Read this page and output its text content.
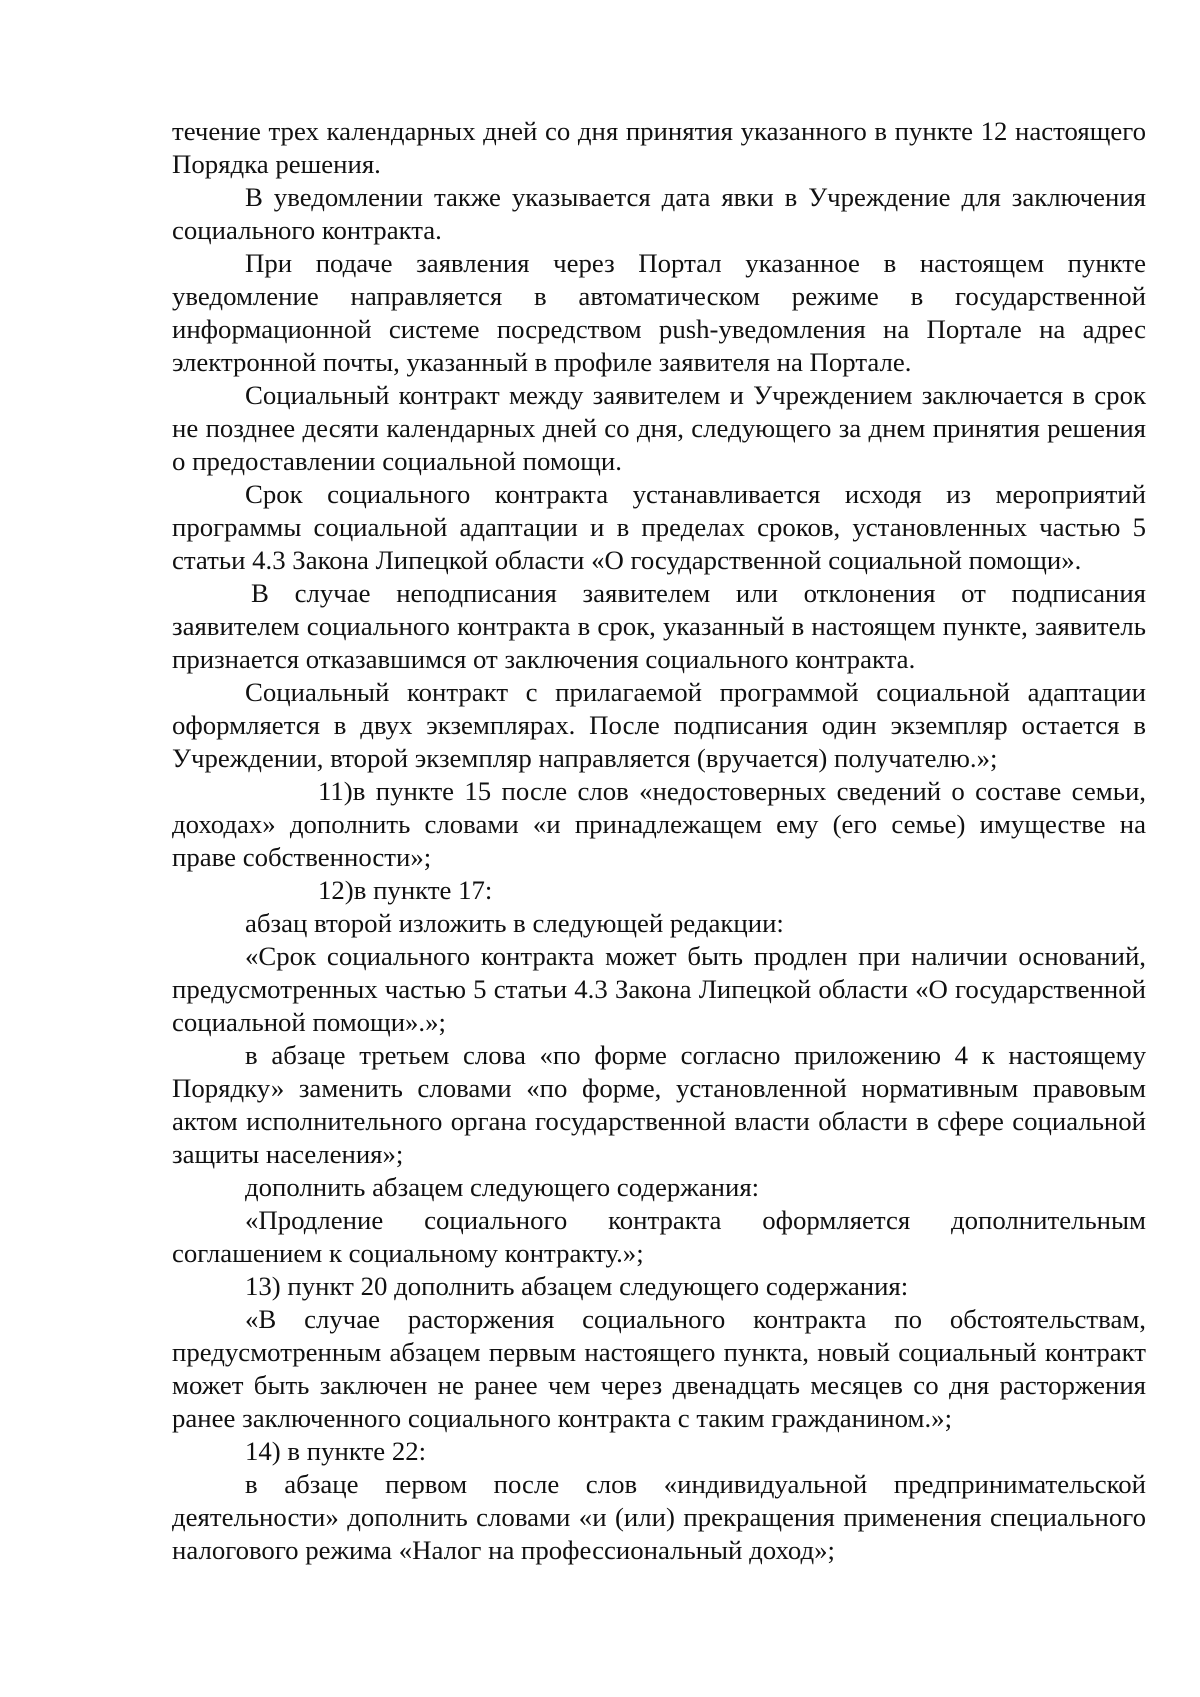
течение трех календарных дней со дня принятия указанного в пункте 12 настоящего Порядка решения.

В уведомлении также указывается дата явки в Учреждение для заключения социального контракта.

При подаче заявления через Портал указанное в настоящем пункте уведомление направляется в автоматическом режиме в государственной информационной системе посредством push-уведомления на Портале на адрес электронной почты, указанный в профиле заявителя на Портале.

Социальный контракт между заявителем и Учреждением заключается в срок не позднее десяти календарных дней со дня, следующего за днем принятия решения о предоставлении социальной помощи.

Срок социального контракта устанавливается исходя из мероприятий программы социальной адаптации и в пределах сроков, установленных частью 5 статьи 4.3 Закона Липецкой области «О государственной социальной помощи».

В случае неподписания заявителем или отклонения от подписания заявителем социального контракта в срок, указанный в настоящем пункте, заявитель признается отказавшимся от заключения социального контракта.

Социальный контракт с прилагаемой программой социальной адаптации оформляется в двух экземплярах. После подписания один экземпляр остается в Учреждении, второй экземпляр направляется (вручается) получателю.»;

11)в пункте 15 после слов «недостоверных сведений о составе семьи, доходах» дополнить словами «и принадлежащем ему (его семье) имуществе на праве собственности»;

12)в пункте 17:

абзац второй изложить в следующей редакции:

«Срок социального контракта может быть продлен при наличии оснований, предусмотренных частью 5 статьи 4.3 Закона Липецкой области «О государственной социальной помощи».»;

в абзаце третьем слова «по форме согласно приложению 4 к настоящему Порядку» заменить словами «по форме, установленной нормативным правовым актом исполнительного органа государственной власти области в сфере социальной защиты населения»;

дополнить абзацем следующего содержания:

«Продление социального контракта оформляется дополнительным соглашением к социальному контракту.»;

13) пункт 20 дополнить абзацем следующего содержания:

«В случае расторжения социального контракта по обстоятельствам, предусмотренным абзацем первым настоящего пункта, новый социальный контракт может быть заключен не ранее чем через двенадцать месяцев со дня расторжения ранее заключенного социального контракта с таким гражданином.»;

14) в пункте 22:

в абзаце первом после слов «индивидуальной предпринимательской деятельности» дополнить словами «и (или) прекращения применения специального налогового режима «Налог на профессиональный доход»;
